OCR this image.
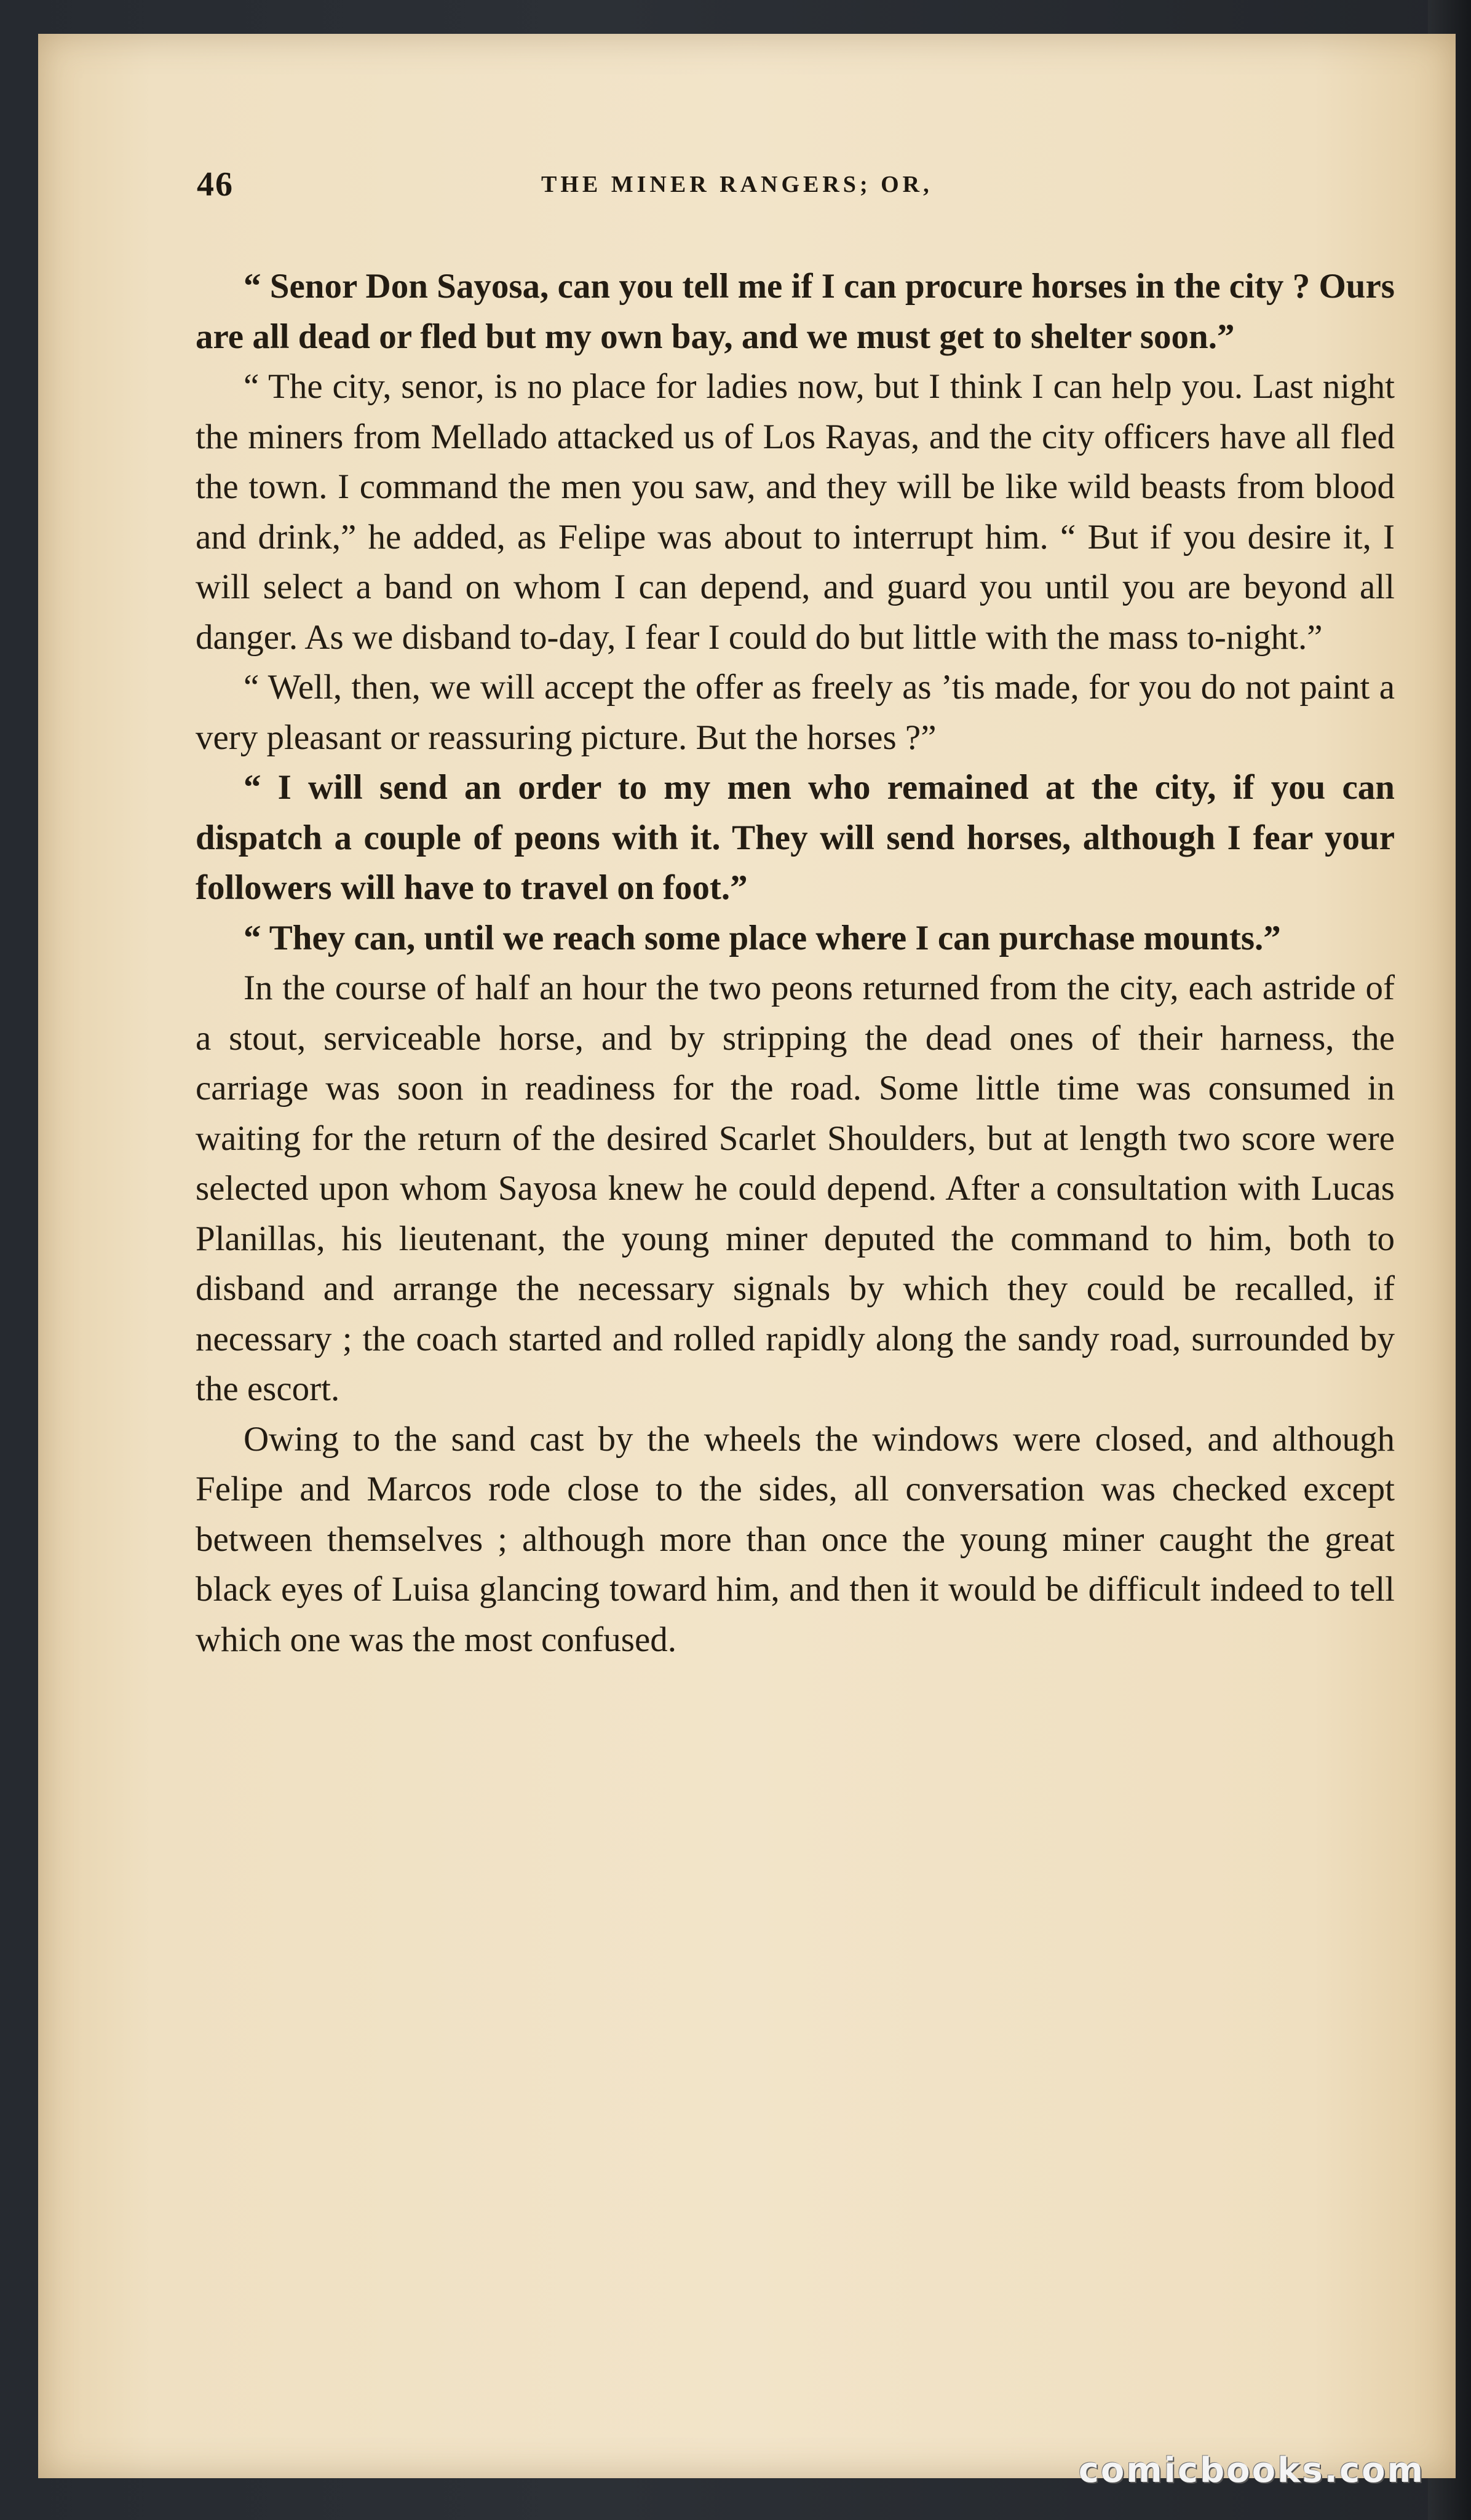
46	THE MINER RANGERS; OR,

“ Senor Don Sayosa, can you tell me if I can procure horses in the city ? Ours are all dead or fled but my own bay, and we must get to shelter soon.”

“ The city, senor, is no place for ladies now, but I think I can help you. Last night the miners from Mellado attacked us of Los Rayas, and the city officers have all fled the town. I command the men you saw, and they will be like wild beasts from blood and drink,” he added, as Felipe was about to interrupt him. “ But if you desire it, I will select a band on whom I can depend, and guard you until you are beyond all danger. As we disband to-day, I fear I could do but little with the mass to-night.”

“ Well, then, we will accept the offer as freely as ’tis made, for you do not paint a very pleasant or reassuring picture. But the horses ?”

“ I will send an order to my men who remained at the city, if you can dispatch a couple of peons with it. They will send horses, although I fear your followers will have to travel on foot.”

“ They can, until we reach some place where I can purchase mounts.”

In the course of half an hour the two peons returned from the city, each astride of a stout, serviceable horse, and by stripping the dead ones of their harness, the carriage was soon in readiness for the road. Some little time was consumed in waiting for the return of the desired Scarlet Shoulders, but at length two score were selected upon whom Sayosa knew he could depend. After a consultation with Lucas Planillas, his lieutenant, the young miner deputed the command to him, both to disband and arrange the necessary signals by which they could be recalled, if necessary ; the coach started and rolled rapidly along the sandy road, surrounded by the escort.

Owing to the sand cast by the wheels the windows were closed, and although Felipe and Marcos rode close to the sides, all conversation was checked except between themselves ; although more than once the young miner caught the great black eyes of Luisa glancing toward him, and then it would be difficult indeed to tell which one was the most confused.

comicbooks.com
